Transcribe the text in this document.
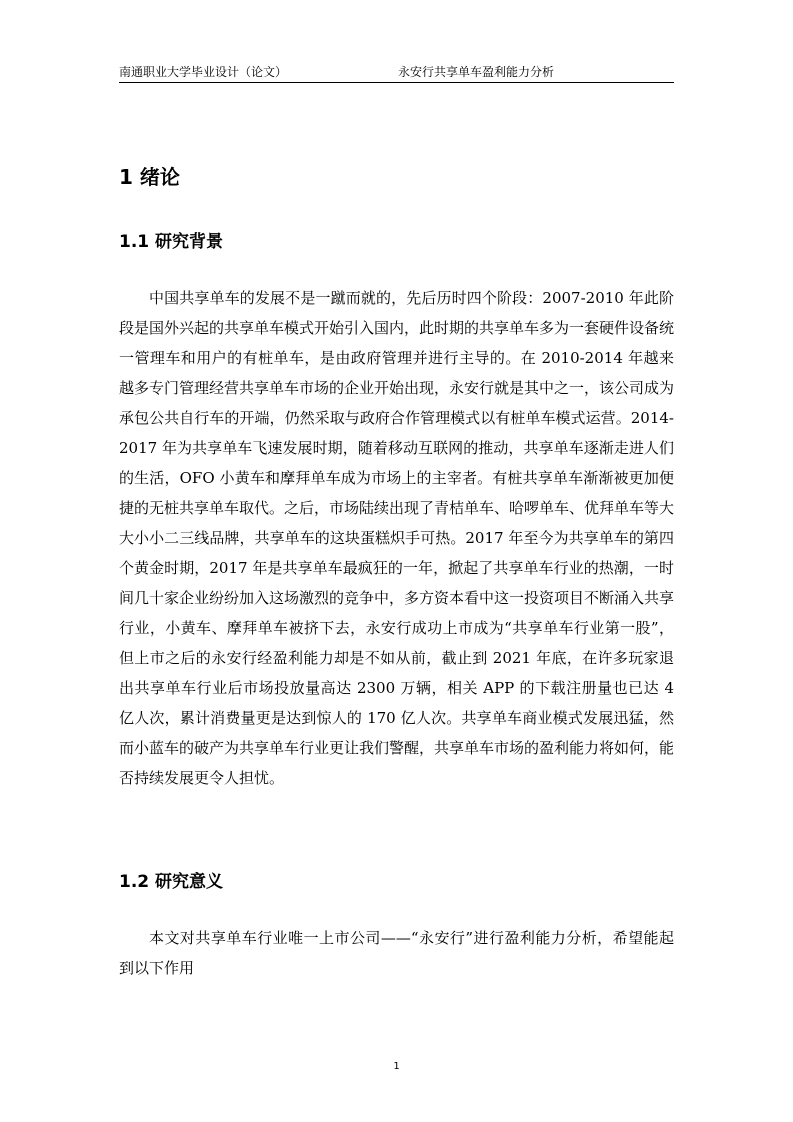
南通职业大学毕业设计（论文）	永安行共享单车盈利能力分析
1 绪论
1.1 研究背景

中国共享单车的发展不是一蹴而就的，先后历时四个阶段：2007-2010 年此阶段是国外兴起的共享单车模式开始引入国内，此时期的共享单车多为一套硬件设备统一管理车和用户的有桩单车，是由政府管理并进行主导的。在 2010-2014 年越来越多专门管理经营共享单车市场的企业开始出现，永安行就是其中之一，该公司成为承包公共自行车的开端，仍然采取与政府合作管理模式以有桩单车模式运营。2014-2017 年为共享单车飞速发展时期，随着移动互联网的推动，共享单车逐渐走进人们的生活，OFO 小黄车和摩拜单车成为市场上的主宰者。有桩共享单车渐渐被更加便捷的无桩共享单车取代。之后，市场陆续出现了青桔单车、哈啰单车、优拜单车等大大小小二三线品牌，共享单车的这块蛋糕炽手可热。2017 年至今为共享单车的第四个黄金时期，2017 年是共享单车最疯狂的一年，掀起了共享单车行业的热潮，一时间几十家企业纷纷加入这场激烈的竞争中，多方资本看中这一投资项目不断涌入共享行业，小黄车、摩拜单车被挤下去，永安行成功上市成为“共享单车行业第一股”，但上市之后的永安行经盈利能力却是不如从前，截止到 2021 年底，在许多玩家退出共享单车行业后市场投放量高达 2300 万辆，相关 APP 的下载注册量也已达 4 亿人次，累计消费量更是达到惊人的 170 亿人次。共享单车商业模式发展迅猛，然而小蓝车的破产为共享单车行业更让我们警醒，共享单车市场的盈利能力将如何，能否持续发展更令人担忧。

1.2 研究意义

本文对共享单车行业唯一上市公司——“永安行”进行盈利能力分析，希望能起到以下作用

1
